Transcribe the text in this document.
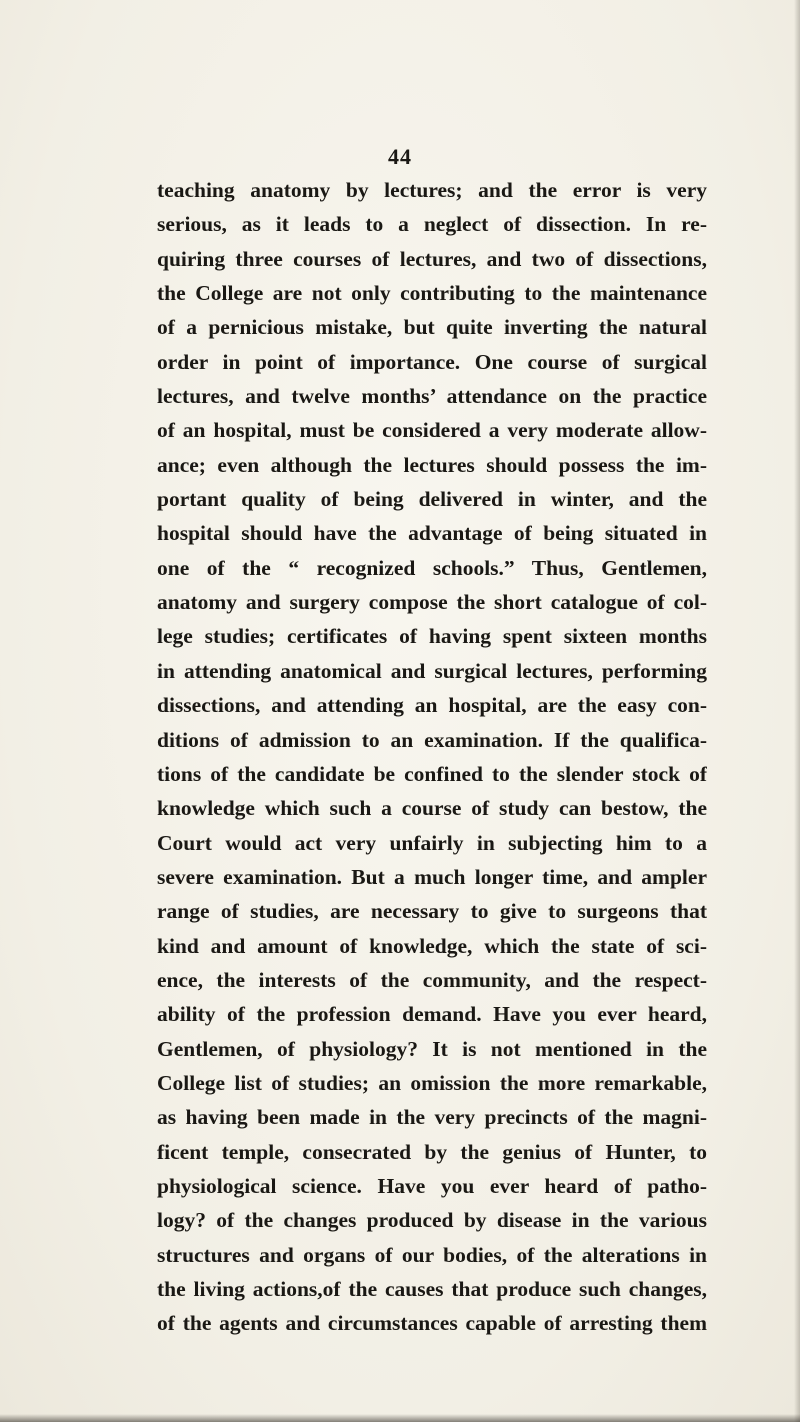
44
teaching anatomy by lectures; and the error is very
serious, as it leads to a neglect of dissection. In re-
quiring three courses of lectures, and two of dissections,
the College are not only contributing to the maintenance
of a pernicious mistake, but quite inverting the natural
order in point of importance. One course of surgical
lectures, and twelve months’ attendance on the practice
of an hospital, must be considered a very moderate allow-
ance; even although the lectures should possess the im-
portant quality of being delivered in winter, and the
hospital should have the advantage of being situated in
one of the “ recognized schools.” Thus, Gentlemen,
anatomy and surgery compose the short catalogue of col-
lege studies; certificates of having spent sixteen months
in attending anatomical and surgical lectures, performing
dissections, and attending an hospital, are the easy con-
ditions of admission to an examination. If the qualifica-
tions of the candidate be confined to the slender stock of
knowledge which such a course of study can bestow, the
Court would act very unfairly in subjecting him to a
severe examination. But a much longer time, and ampler
range of studies, are necessary to give to surgeons that
kind and amount of knowledge, which the state of sci-
ence, the interests of the community, and the respect-
ability of the profession demand. Have you ever heard,
Gentlemen, of physiology? It is not mentioned in the
College list of studies; an omission the more remarkable,
as having been made in the very precincts of the magni-
ficent temple, consecrated by the genius of Hunter, to
physiological science. Have you ever heard of patho-
logy? of the changes produced by disease in the various
structures and organs of our bodies, of the alterations in
the living actions,of the causes that produce such changes,
of the agents and circumstances capable of arresting them
